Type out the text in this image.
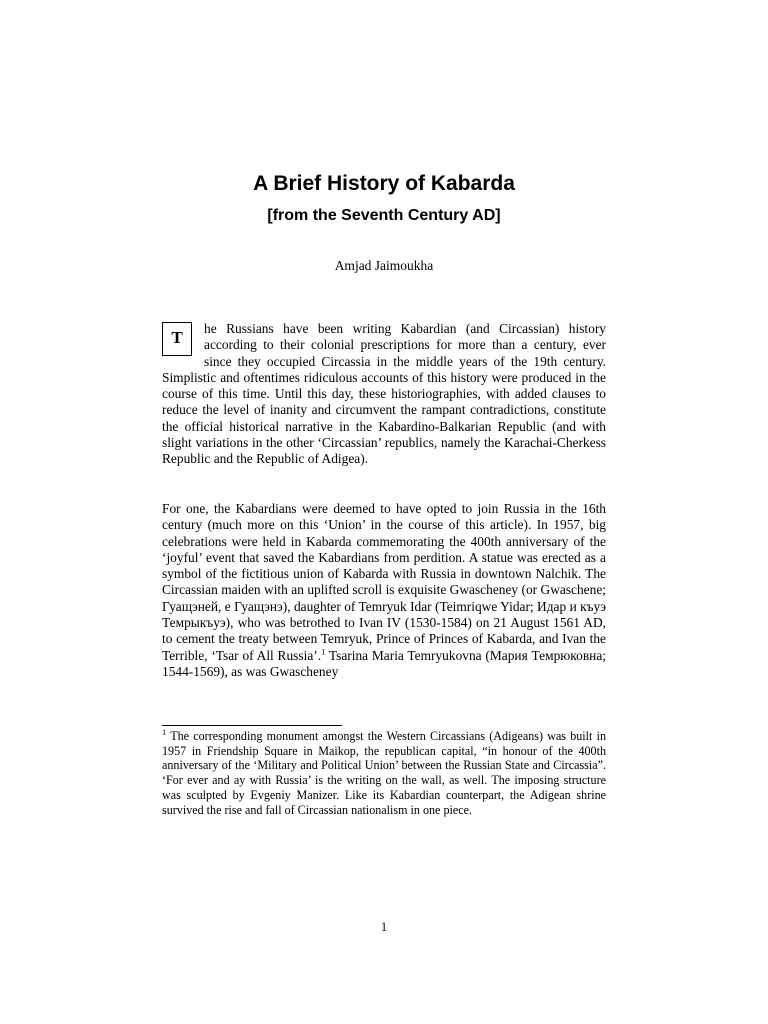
A Brief History of Kabarda
[from the Seventh Century AD]
Amjad Jaimoukha

T	he Russians have been writing Kabardian (and Circassian) history according to their colonial prescriptions for more than a century, ever since they occupied Circassia in the middle years of the 19th century. Simplistic and oftentimes ridiculous accounts of this history were produced in the course of this time. Until this day, these historiographies, with added clauses to reduce the level of inanity and circumvent the rampant contradictions, constitute the official historical narrative in the Kabardino-Balkarian Republic (and with slight variations in the other ‘Circassian’ republics, namely the Karachai-Cherkess Republic and the Republic of Adigea).

For one, the Kabardians were deemed to have opted to join Russia in the 16th century (much more on this ‘Union’ in the course of this article). In 1957, big celebrations were held in Kabarda commemorating the 400th anniversary of the ‘joyful’ event that saved the Kabardians from perdition. A statue was erected as a symbol of the fictitious union of Kabarda with Russia in downtown Nalchik. The Circassian maiden with an uplifted scroll is exquisite Gwascheney (or Gwaschene; Гуащэней, е Гуащэнэ), daughter of Temryuk Idar (Teimriqwe Yidar; Идар и къуэ Темрыкъуэ), who was betrothed to Ivan IV (1530-1584) on 21 August 1561 AD, to cement the treaty between Temryuk, Prince of Princes of Kabarda, and Ivan the Terrible, ‘Tsar of All Russia’.$^1$ Tsarina Maria Temryukovna (Мария Темрюковна; 1544-1569), as was Gwascheney

$^1$ The corresponding monument amongst the Western Circassians (Adigeans) was built in 1957 in Friendship Square in Maikop, the republican capital, “in honour of the 400th anniversary of the ‘Military and Political Union’ between the Russian State and Circassia”. ‘For ever and ay with Russia’ is the writing on the wall, as well. The imposing structure was sculpted by Evgeniy Manizer. Like its Kabardian counterpart, the Adigean shrine survived the rise and fall of Circassian nationalism in one piece.

1
